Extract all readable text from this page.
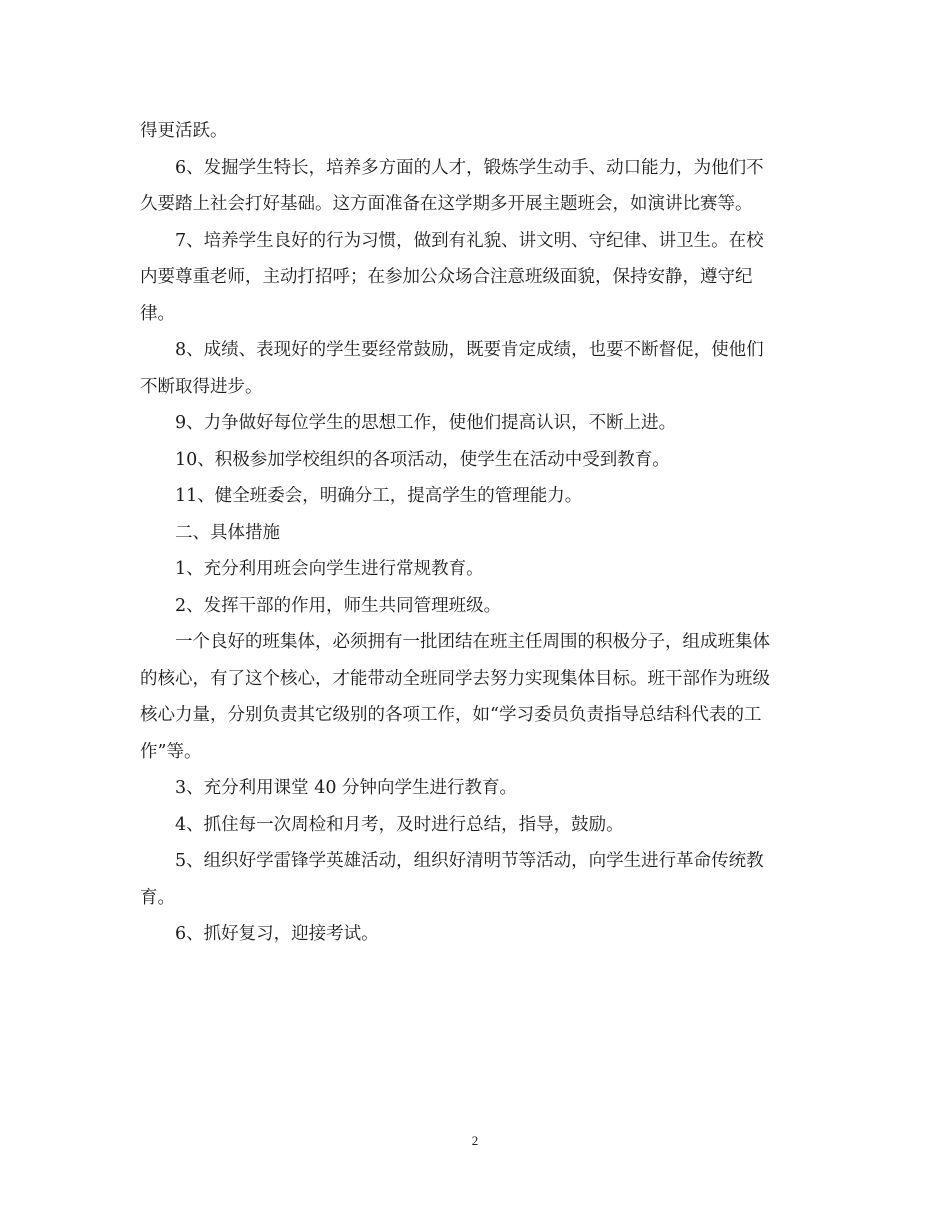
得更活跃。
6、发掘学生特长，培养多方面的人才，锻炼学生动手、动口能力，为他们不
久要踏上社会打好基础。这方面准备在这学期多开展主题班会，如演讲比赛等。
7、培养学生良好的行为习惯，做到有礼貌、讲文明、守纪律、讲卫生。在校
内要尊重老师，主动打招呼；在参加公众场合注意班级面貌，保持安静，遵守纪
律。
8、成绩、表现好的学生要经常鼓励，既要肯定成绩，也要不断督促，使他们
不断取得进步。
9、力争做好每位学生的思想工作，使他们提高认识，不断上进。
10、积极参加学校组织的各项活动，使学生在活动中受到教育。
11、健全班委会，明确分工，提高学生的管理能力。
二、具体措施
1、充分利用班会向学生进行常规教育。
2、发挥干部的作用，师生共同管理班级。
一个良好的班集体，必须拥有一批团结在班主任周围的积极分子，组成班集体
的核心，有了这个核心，才能带动全班同学去努力实现集体目标。班干部作为班级
核心力量，分别负责其它级别的各项工作，如“学习委员负责指导总结科代表的工
作”等。
3、充分利用课堂 40 分钟向学生进行教育。
4、抓住每一次周检和月考，及时进行总结，指导，鼓励。
5、组织好学雷锋学英雄活动，组织好清明节等活动，向学生进行革命传统教
育。
6、抓好复习，迎接考试。

2
